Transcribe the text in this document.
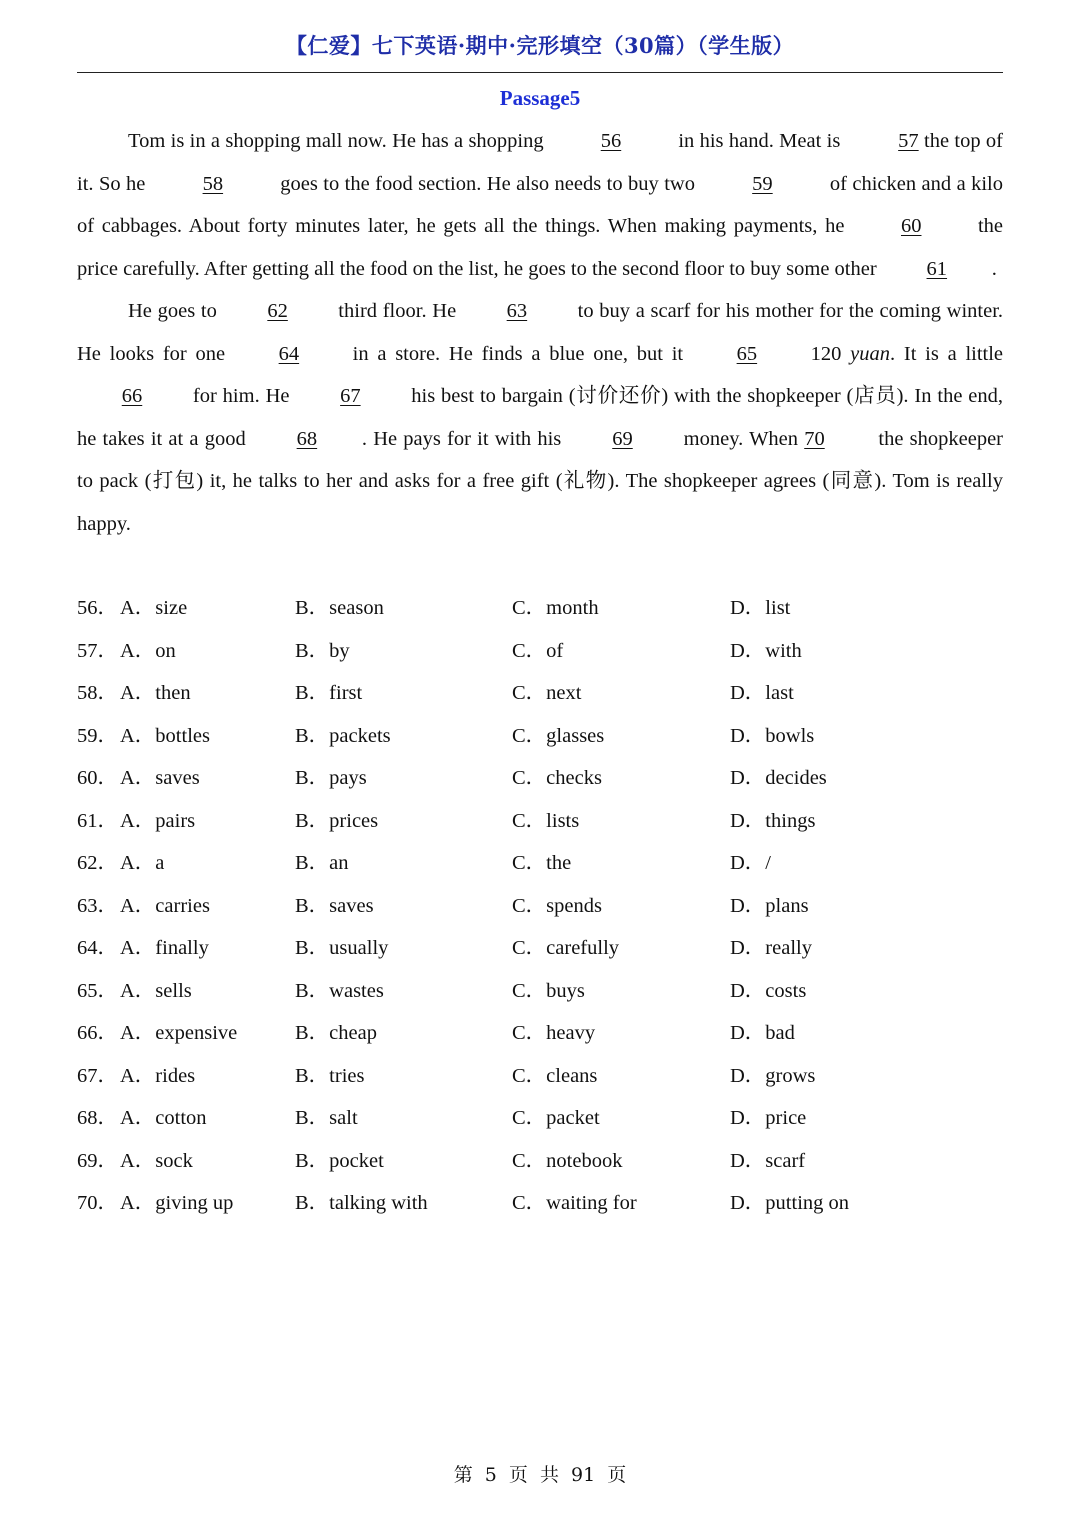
【仁爱】七下英语·期中·完形填空（30篇）（学生版）
Passage5

Tom is in a shopping mall now. He has a shopping	56	in his hand. Meat is	57 the top of it. So he	58	goes to the food section. He also needs to buy two	59	of chicken and a kilo of cabbages. About forty minutes later, he gets all the things. When making payments, he	60	the price carefully. After getting all the food on the list, he goes to the second floor to buy some other 61 .

He goes to 62 third floor. He 63 to buy a scarf for his mother for the coming winter. He looks for one	64	in a store. He finds a blue one, but it	65	120 yuan. It is a little 66 for him. He 67 his best to bargain (讨价还价) with the shopkeeper (店员). In the end, he takes it at a good 68 . He pays for it with his 69 money. When 70	the shopkeeper to pack (打包) it, he talks to her and asks for a free gift (礼物). The shopkeeper agrees (同意). Tom is really happy.

56． A．size	B．season	C．month	D．list
57． A．on	B．by	C．of	D．with
58． A．then	B．first	C．next	D．last
59． A．bottles	B．packets	C．glasses	D．bowls
60． A．saves	B．pays	C．checks	D．decides
61． A．pairs	B．prices	C．lists	D．things
62． A．a	B．an	C．the	D．/
63． A．carries	B．saves	C．spends	D．plans
64． A．finally	B．usually	C．carefully	D．really
65． A．sells	B．wastes	C．buys	D．costs
66． A．expensive	B．cheap	C．heavy	D．bad
67． A．rides	B．tries	C．cleans	D．grows
68． A．cotton	B．salt	C．packet	D．price
69． A．sock	B．pocket	C．notebook	D．scarf
70． A．giving up	B．talking with	C．waiting for	D．putting on
第 5 页 共 91 页
